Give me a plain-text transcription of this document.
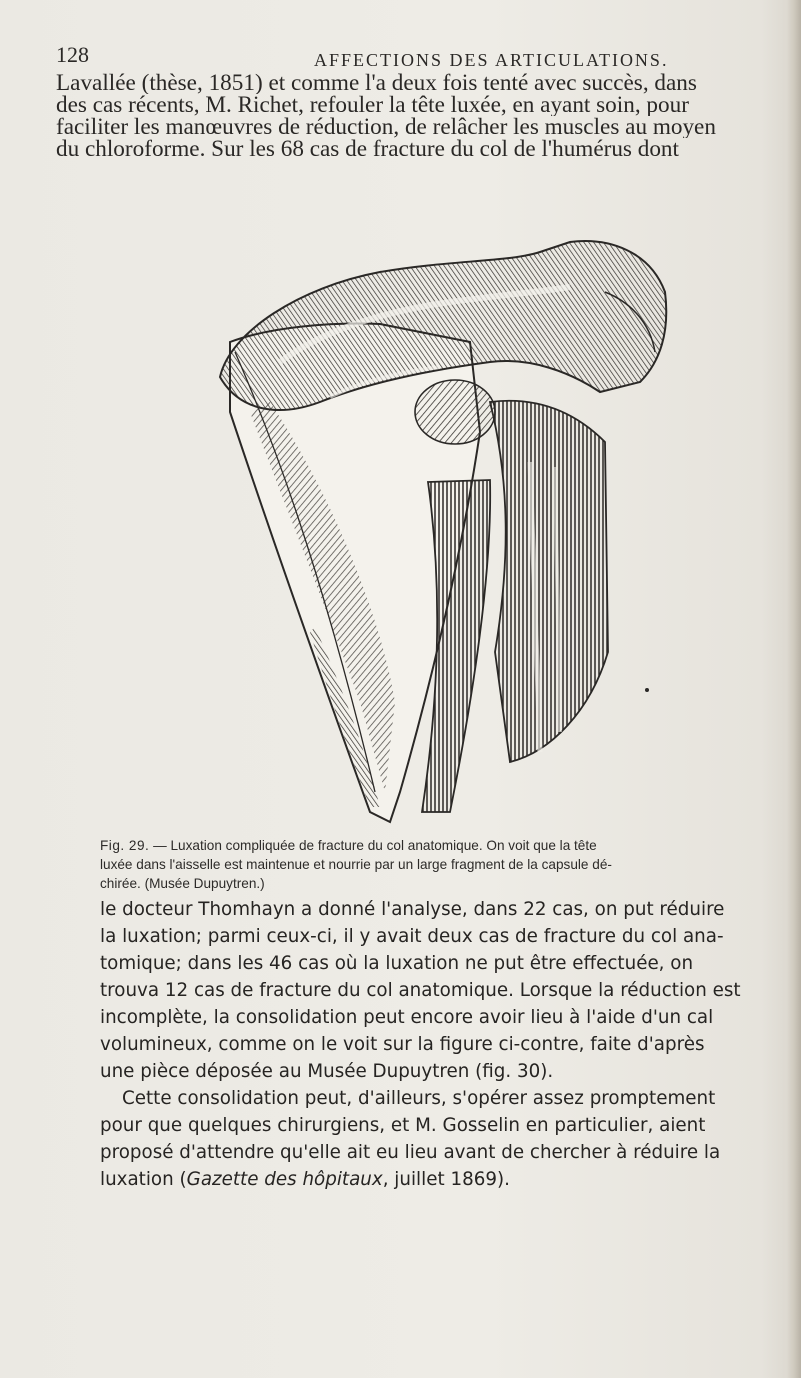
128	AFFECTIONS DES ARTICULATIONS.
Lavallée (thèse, 1851) et comme l'a deux fois tenté avec succès, dans
des cas récents, M. Richet, refouler la tête luxée, en ayant soin, pour
faciliter les manœuvres de réduction, de relâcher les muscles au moyen
du chloroforme. Sur les 68 cas de fracture du col de l'humérus dont
Fig. 29. — Luxation compliquée de fracture du col anatomique. On voit que la tête
luxée dans l'aisselle est maintenue et nourrie par un large fragment de la capsule dé-
chirée. (Musée Dupuytren.)
le docteur Thomhayn a donné l'analyse, dans 22 cas, on put réduire
la luxation; parmi ceux-ci, il y avait deux cas de fracture du col ana-
tomique; dans les 46 cas où la luxation ne put être effectuée, on
trouva 12 cas de fracture du col anatomique. Lorsque la réduction est
incomplète, la consolidation peut encore avoir lieu à l'aide d'un cal
volumineux, comme on le voit sur la figure ci-contre, faite d'après
une pièce déposée au Musée Dupuytren (fig. 30).
Cette consolidation peut, d'ailleurs, s'opérer assez promptement
pour que quelques chirurgiens, et M. Gosselin en particulier, aient
proposé d'attendre qu'elle ait eu lieu avant de chercher à réduire la
luxation (Gazette des hôpitaux, juillet 1869).
